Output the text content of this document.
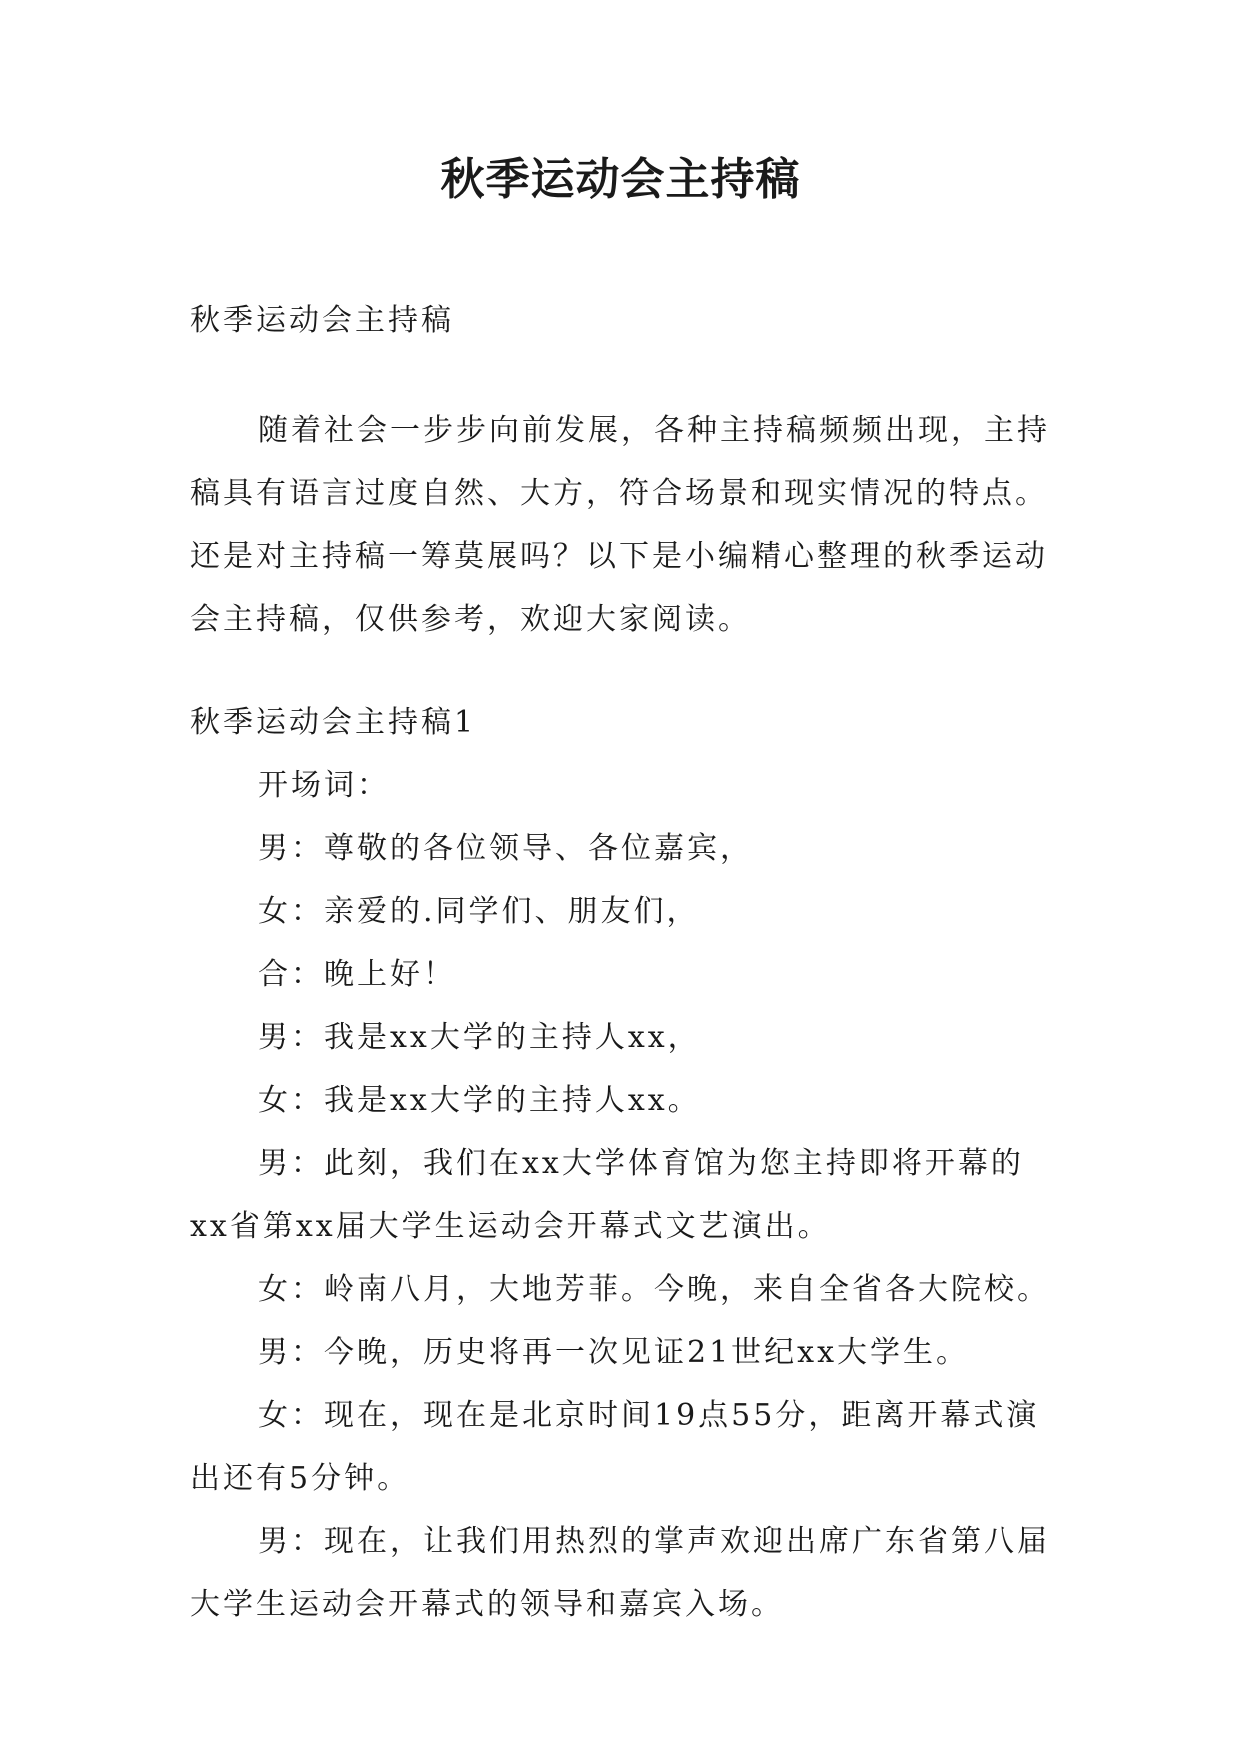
秋季运动会主持稿

秋季运动会主持稿

随着社会一步步向前发展，各种主持稿频频出现，主持稿具有语言过度自然、大方，符合场景和现实情况的特点。还是对主持稿一筹莫展吗？以下是小编精心整理的秋季运动会主持稿，仅供参考，欢迎大家阅读。

秋季运动会主持稿1

开场词：

男：尊敬的各位领导、各位嘉宾，

女：亲爱的.同学们、朋友们，

合：晚上好！

男：我是xx大学的主持人xx，

女：我是xx大学的主持人xx。

男：此刻，我们在xx大学体育馆为您主持即将开幕的xx省第xx届大学生运动会开幕式文艺演出。

女：岭南八月，大地芳菲。今晚，来自全省各大院校。

男：今晚，历史将再一次见证21世纪xx大学生。

女：现在，现在是北京时间19点55分，距离开幕式演出还有5分钟。

男：现在，让我们用热烈的掌声欢迎出席广东省第八届大学生运动会开幕式的领导和嘉宾入场。
